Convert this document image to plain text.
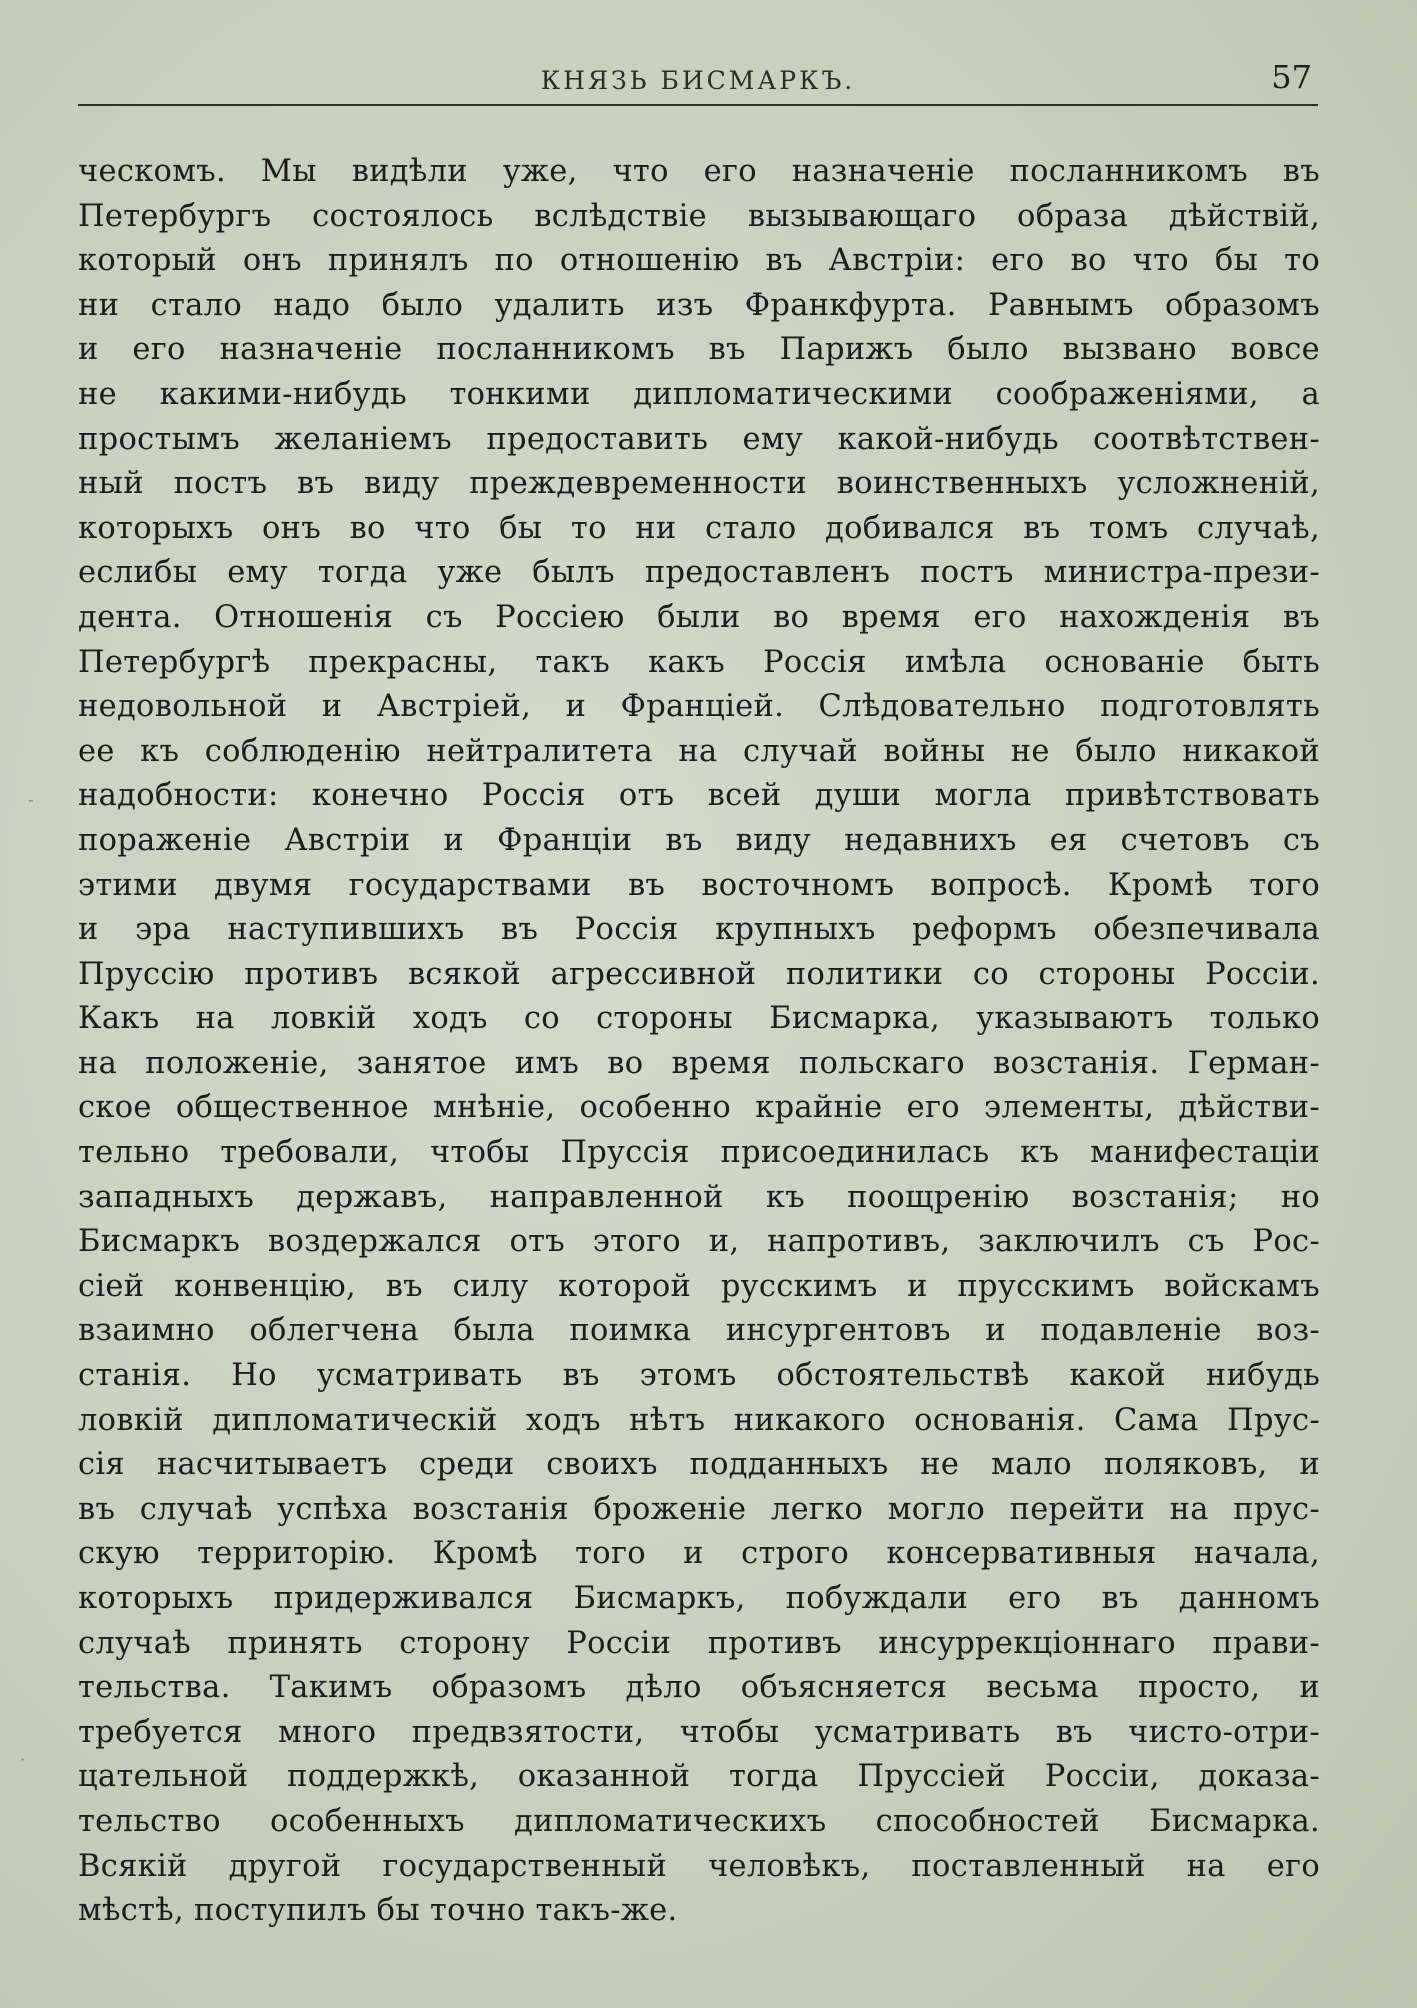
КНЯЗЬ БИСМАРКЪ.	57
ческомъ. Мы видѣли уже, что его назначеніе посланникомъ въ
Петербургъ состоялось вслѣдствіе вызывающаго образа дѣйствій,
который онъ принялъ по отношенію въ Австріи: его во что бы то
ни стало надо было удалить изъ Франкфурта. Равнымъ образомъ
и его назначеніе посланникомъ въ Парижъ было вызвано вовсе
не какими-нибудь тонкими дипломатическими соображеніями, а
простымъ желаніемъ предоставить ему какой-нибудь соотвѣтствен-
ный постъ въ виду преждевременности воинственныхъ усложненій,
которыхъ онъ во что бы то ни стало добивался въ томъ случаѣ,
еслибы ему тогда уже былъ предоставленъ постъ министра-прези-
дента. Отношенія съ Россіею были во время его нахожденія въ
Петербургѣ прекрасны, такъ какъ Россія имѣла основаніе быть
недовольной и Австріей, и Франціей. Слѣдовательно подготовлять
ее къ соблюденію нейтралитета на случай войны не было никакой
надобности: конечно Россія отъ всей души могла привѣтствовать
пораженіе Австріи и Франціи въ виду недавнихъ ея счетовъ съ
этими двумя государствами въ восточномъ вопросѣ. Кромѣ того
и эра наступившихъ въ Россія крупныхъ реформъ обезпечивала
Пруссію противъ всякой агрессивной политики со стороны Россіи.
Какъ на ловкій ходъ со стороны Бисмарка, указываютъ только
на положеніе, занятое имъ во время польскаго возстанія. Герман-
ское общественное мнѣніе, особенно крайніе его элементы, дѣйстви-
тельно требовали, чтобы Пруссія присоединилась къ манифестаціи
западныхъ державъ, направленной къ поощренію возстанія; но
Бисмаркъ воздержался отъ этого и, напротивъ, заключилъ съ Рос-
сіей конвенцію, въ силу которой русскимъ и прусскимъ войскамъ
взаимно облегчена была поимка инсургентовъ и подавленіе воз-
станія. Но усматривать въ этомъ обстоятельствѣ какой нибудь
ловкій дипломатическій ходъ нѣтъ никакого основанія. Сама Прус-
сія насчитываетъ среди своихъ подданныхъ не мало поляковъ, и
въ случаѣ успѣха возстанія броженіе легко могло перейти на прус-
скую территорію. Кромѣ того и строго консервативныя начала,
которыхъ придерживался Бисмаркъ, побуждали его въ данномъ
случаѣ принять сторону Россіи противъ инсуррекціоннаго прави-
тельства. Такимъ образомъ дѣло объясняется весьма просто, и
требуется много предвзятости, чтобы усматривать въ чисто-отри-
цательной поддержкѣ, оказанной тогда Пруссіей Россіи, доказа-
тельство особенныхъ дипломатическихъ способностей Бисмарка.
Всякій другой государственный человѣкъ, поставленный на его
мѣстѣ, поступилъ бы точно такъ-же.
-
·
